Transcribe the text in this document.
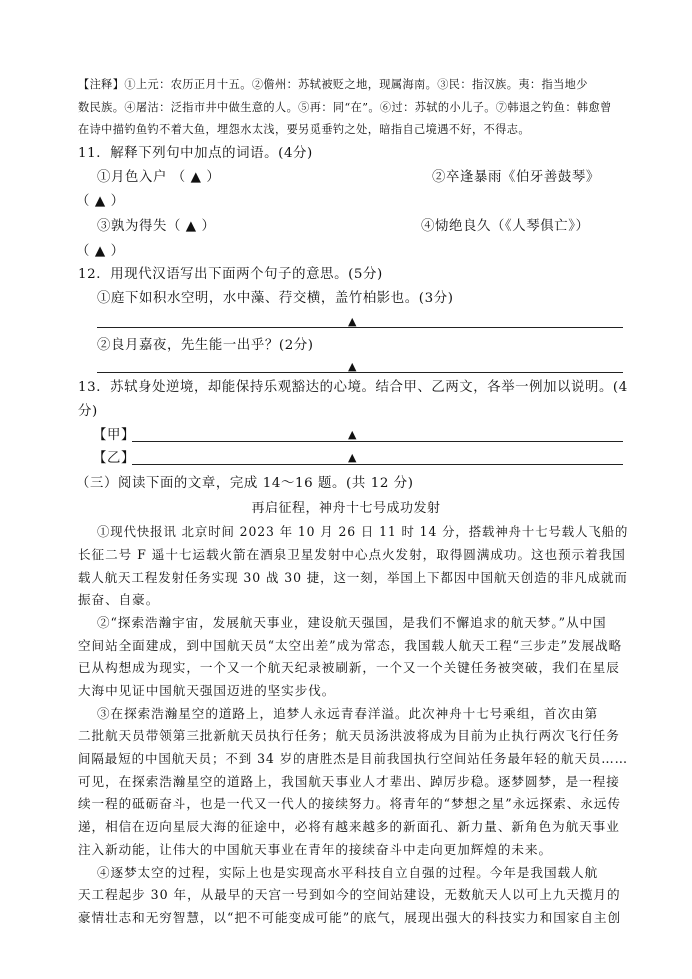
【注释】①上元：农历正月十五。②儋州：苏轼被贬之地，现属海南。③民：指汉族。夷：指当地少
数民族。④屠沽：泛指市井中做生意的人。⑤再：同“在”。⑥过：苏轼的小儿子。⑦韩退之钓鱼：韩愈曾
在诗中描钓鱼钓不着大鱼，埋怨水太浅，要另觅垂钓之处，暗指自己境遇不好，不得志。
11．解释下列句中加点的词语。(4分)
①月色入户 （ ▲ ）	②卒逢暴雨《伯牙善鼓琴》
（ ▲ ）
③孰为得失（ ▲ ）	④恸绝良久（《人琴俱亡》）
（ ▲ ）
12．用现代汉语写出下面两个句子的意思。(5分)
①庭下如积水空明，水中藻、荇交横，盖竹柏影也。(3分)
▲
②良月嘉夜，先生能一出乎？(2分)
▲
13．苏轼身处逆境，却能保持乐观豁达的心境。结合甲、乙两文，各举一例加以说明。(4
分)
【甲】	▲
【乙】	▲
（三）阅读下面的文章，完成 14～16 题。(共 12 分)
再启征程，神舟十七号成功发射
①现代快报讯 北京时间 2023 年 10 月 26 日 11 时 14 分，搭载神舟十七号载人飞船的
长征二号 F 遥十七运载火箭在酒泉卫星发射中心点火发射，取得圆满成功。这也预示着我国
载人航天工程发射任务实现 30 战 30 捷，这一刻，举国上下都因中国航天创造的非凡成就而
振奋、自豪。
②“探索浩瀚宇宙，发展航天事业，建设航天强国，是我们不懈追求的航天梦。”从中国
空间站全面建成，到中国航天员“太空出差”成为常态，我国载人航天工程“三步走”发展战略
已从构想成为现实，一个又一个航天纪录被刷新，一个又一个关键任务被突破，我们在星辰
大海中见证中国航天强国迈进的坚实步伐。
③在探索浩瀚星空的道路上，追梦人永远青春洋溢。此次神舟十七号乘组，首次由第
二批航天员带领第三批新航天员执行任务；航天员汤洪波将成为目前为止执行两次飞行任务
间隔最短的中国航天员；不到 34 岁的唐胜杰是目前我国执行空间站任务最年轻的航天员……
可见，在探索浩瀚星空的道路上，我国航天事业人才辈出、踔厉步稳。逐梦圆梦，是一程接
续一程的砥砺奋斗，也是一代又一代人的接续努力。将青年的“梦想之星”永远探索、永远传
递，相信在迈向星辰大海的征途中，必将有越来越多的新面孔、新力量、新角色为航天事业
注入新动能，让伟大的中国航天事业在青年的接续奋斗中走向更加辉煌的未来。
④逐梦太空的过程，实际上也是实现高水平科技自立自强的过程。今年是我国载人航
天工程起步 30 年，从最早的天宫一号到如今的空间站建设，无数航天人以可上九天揽月的
豪情壮志和无穷智慧，以“把不可能变成可能”的底气，展现出强大的科技实力和国家自主创
